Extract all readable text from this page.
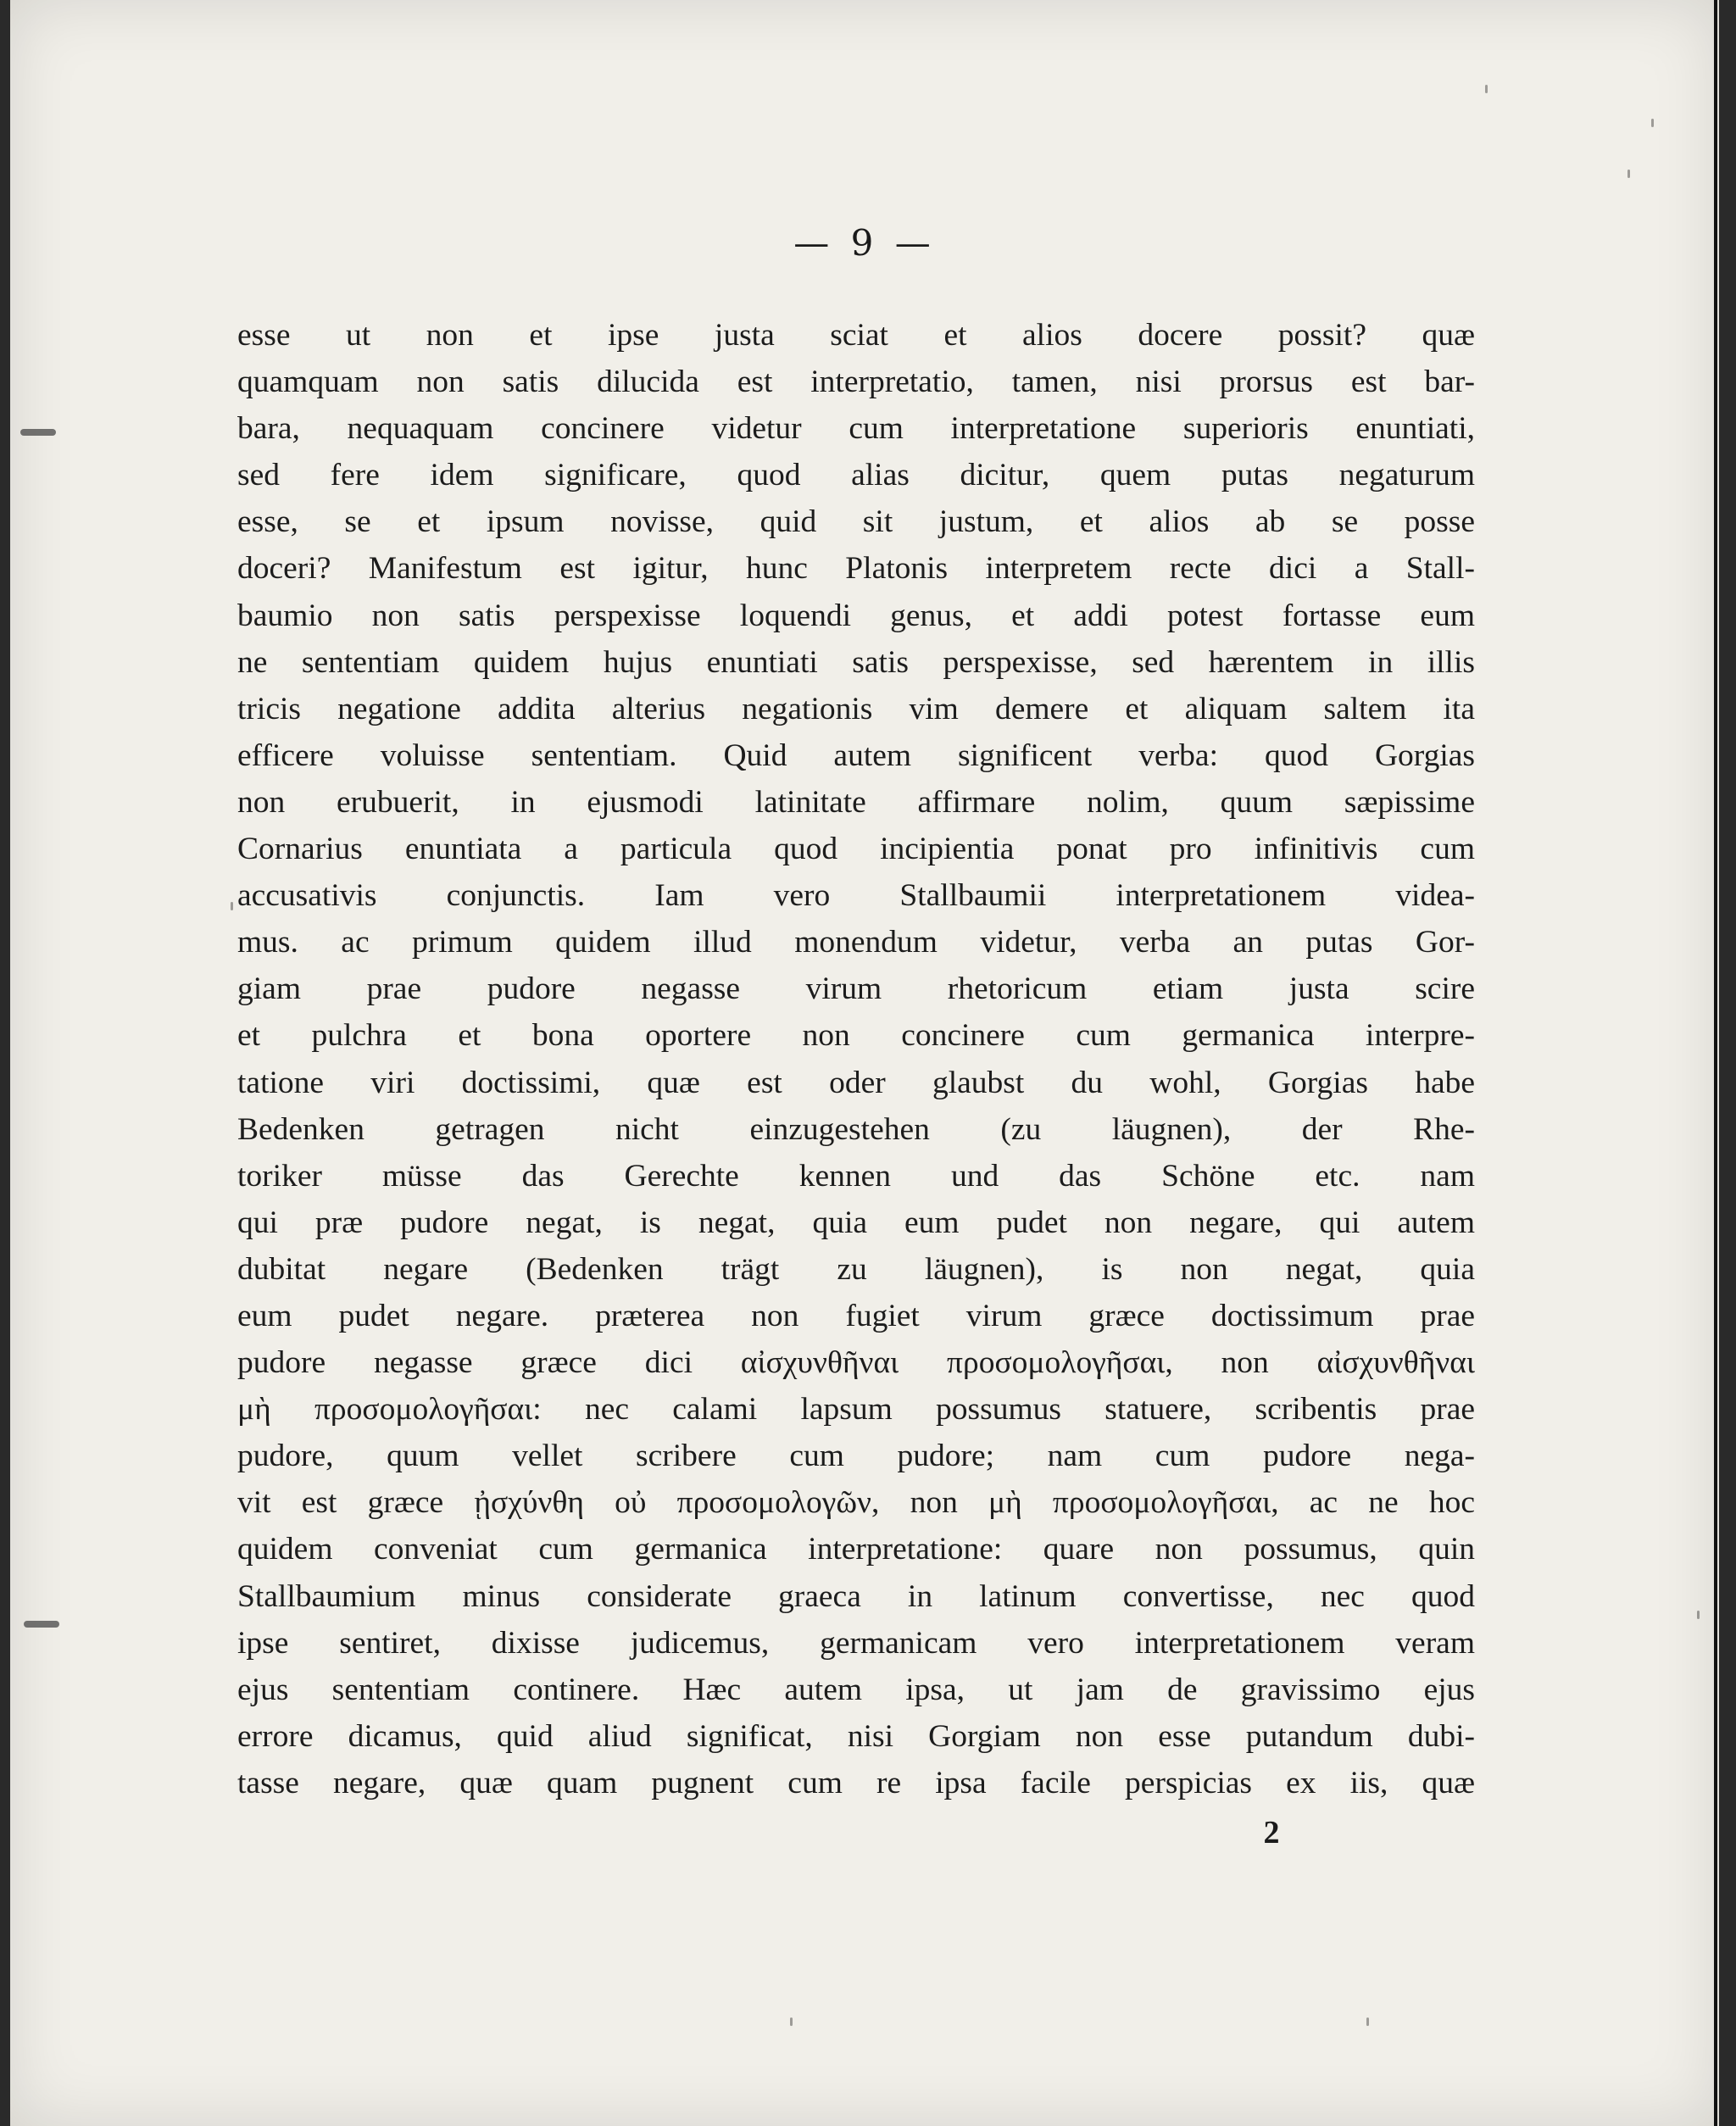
— 9 —
esse ut non et ipse justa sciat et alios docere possit? quæ
quamquam non satis dilucida est interpretatio, tamen, nisi prorsus est bar-
bara, nequaquam concinere videtur cum interpretatione superioris enuntiati,
sed fere idem significare, quod alias dicitur, quem putas negaturum
esse, se et ipsum novisse, quid sit justum, et alios ab se posse
doceri? Manifestum est igitur, hunc Platonis interpretem recte dici a Stall-
baumio non satis perspexisse loquendi genus, et addi potest fortasse eum
ne sententiam quidem hujus enuntiati satis perspexisse, sed hærentem in illis
tricis negatione addita alterius negationis vim demere et aliquam saltem ita
efficere voluisse sententiam. Quid autem significent verba: quod Gorgias
non erubuerit, in ejusmodi latinitate affirmare nolim, quum sæpissime
Cornarius enuntiata a particula quod incipientia ponat pro infinitivis cum
accusativis conjunctis. Iam vero Stallbaumii interpretationem videa-
mus. ac primum quidem illud monendum videtur, verba an putas Gor-
giam prae pudore negasse virum rhetoricum etiam justa scire
et pulchra et bona oportere non concinere cum germanica interpre-
tatione viri doctissimi, quæ est oder glaubst du wohl, Gorgias habe
Bedenken getragen nicht einzugestehen (zu läugnen), der Rhe-
toriker müsse das Gerechte kennen und das Schöne etc. nam
qui præ pudore negat, is negat, quia eum pudet non negare, qui autem
dubitat negare (Bedenken trägt zu läugnen), is non negat, quia
eum pudet negare. præterea non fugiet virum græce doctissimum prae
pudore negasse græce dici αἰσχυνθῆναι προσομολογῆσαι, non αἰσχυνθῆναι
μὴ προσομολογῆσαι: nec calami lapsum possumus statuere, scribentis prae
pudore, quum vellet scribere cum pudore; nam cum pudore nega-
vit est græce ᾐσχύνθη οὐ προσομολογῶν, non μὴ προσομολογῆσαι, ac ne hoc
quidem conveniat cum germanica interpretatione: quare non possumus, quin
Stallbaumium minus considerate graeca in latinum convertisse, nec quod
ipse sentiret, dixisse judicemus, germanicam vero interpretationem veram
ejus sententiam continere. Hæc autem ipsa, ut jam de gravissimo ejus
errore dicamus, quid aliud significat, nisi Gorgiam non esse putandum dubi-
tasse negare, quæ quam pugnent cum re ipsa facile perspicias ex iis, quæ
2
